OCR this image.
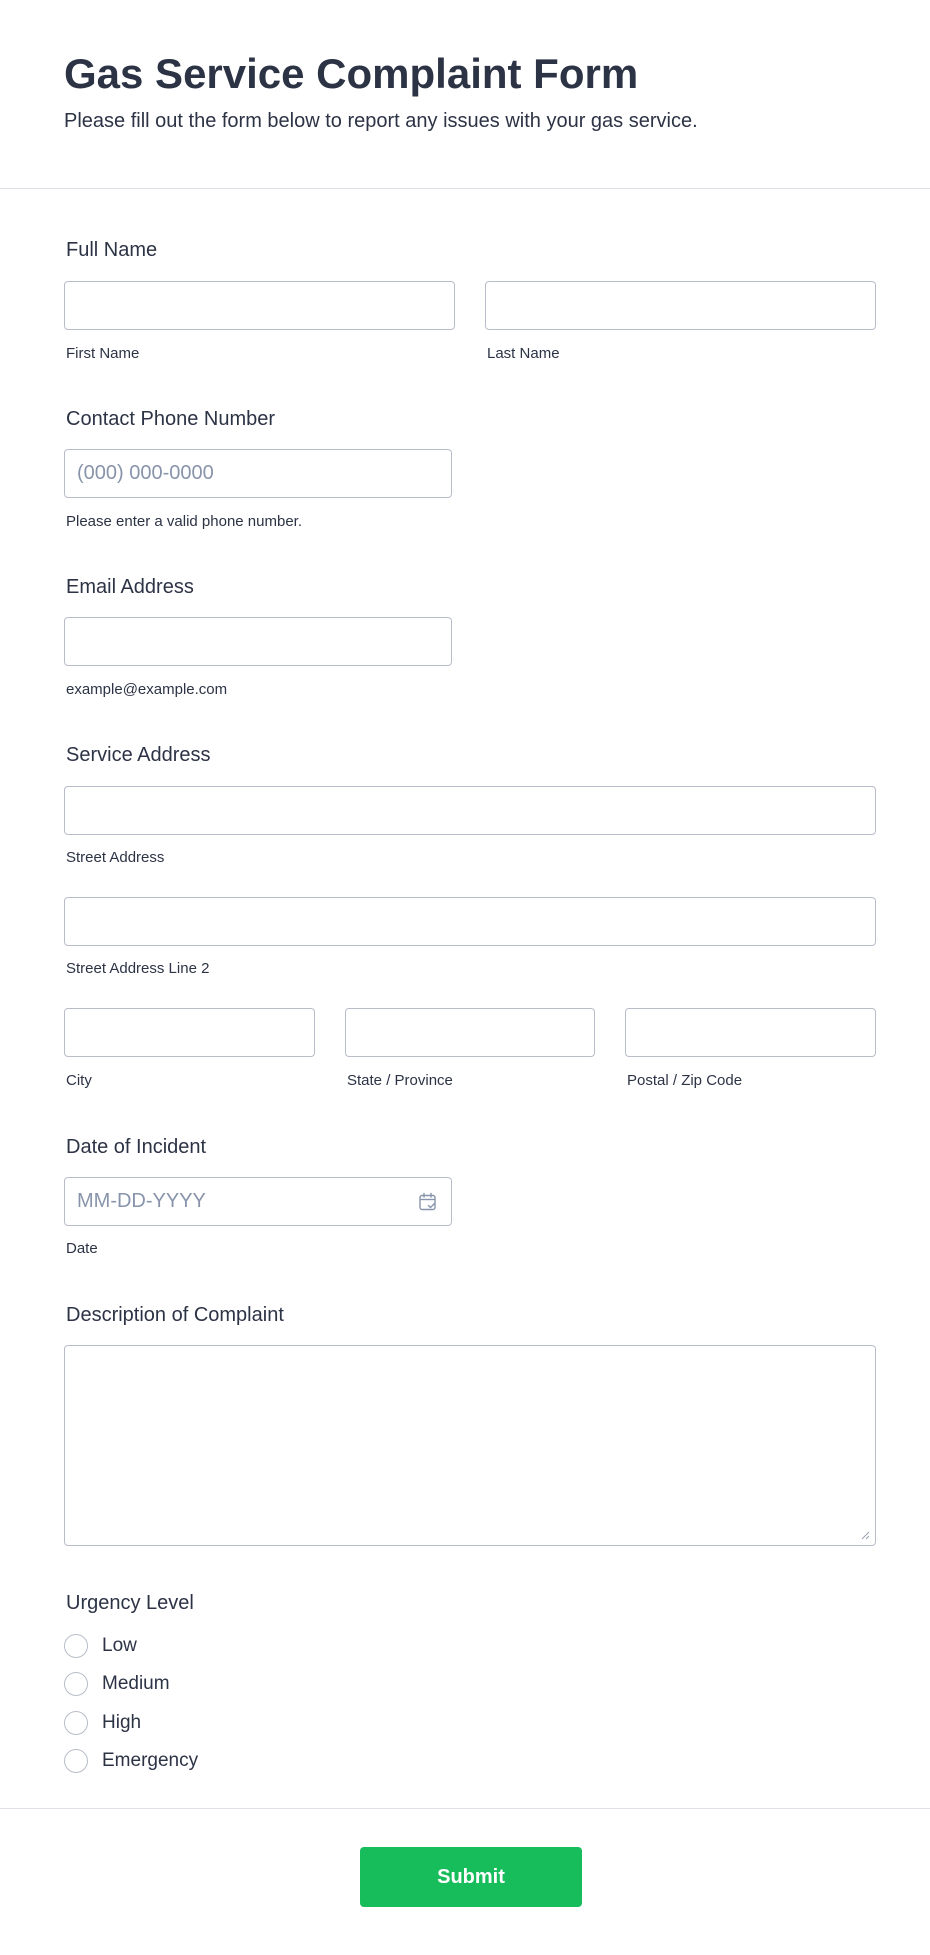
Gas Service Complaint Form

Please fill out the form below to report any issues with your gas service.

Full Name
First Name	Last Name
Contact Phone Number
(000) 000-0000
Please enter a valid phone number.
Email Address
example@example.com
Service Address
Street Address
Street Address Line 2
City	State / Province	Postal / Zip Code
Date of Incident
MM-DD-YYYY
Date
Description of Complaint
Urgency Level
Low
Medium
High
Emergency
Submit
